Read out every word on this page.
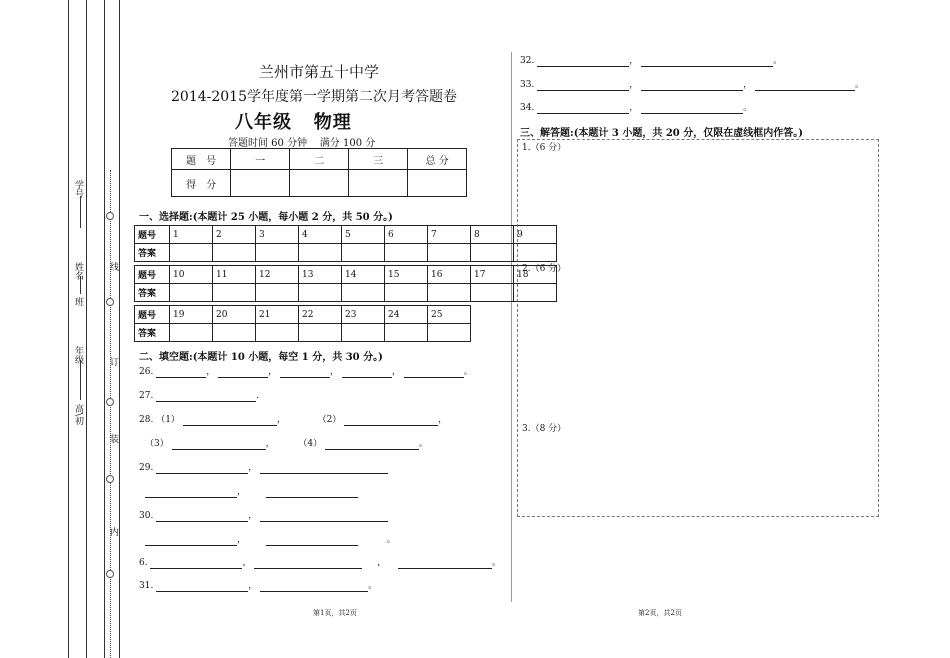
学号
姓名
班
年级
高\初
线
订
装
内
兰州市第五十中学
2014-2015学年度第一学期第二次月考答题卷
八年级   物理
答题时间 60 分钟    满分 100 分
题　号	一	二	三	总 分
得　分				
一、选择题:(本题计 25 小题，每小题 2 分，共 50 分。)
题号	1	2	3	4	5	6	7	8	9
答案									
题号	10	11	12	13	14	15	16	17	18
答案									
题号	19	20	21	22	23	24	25
答案							
二、填空题:(本题计 10 小题，每空 1 分，共 30 分。)
26.	，	，	，	，	。
27.	.
28. （1）	，	（2）	，
（3）	，  （4）	。
29.	，
，
30.	，
，	。
6.	，	，	。
31.	，	。
32.	，	。
33.	，	，	。
34.	，	。
三、解答题:(本题计 3 小题，共 20 分，仅限在虚线框内作答。)
1.（6 分）
2.（6 分）
3.（8 分）
第1页，共2页	第2页，共2页
